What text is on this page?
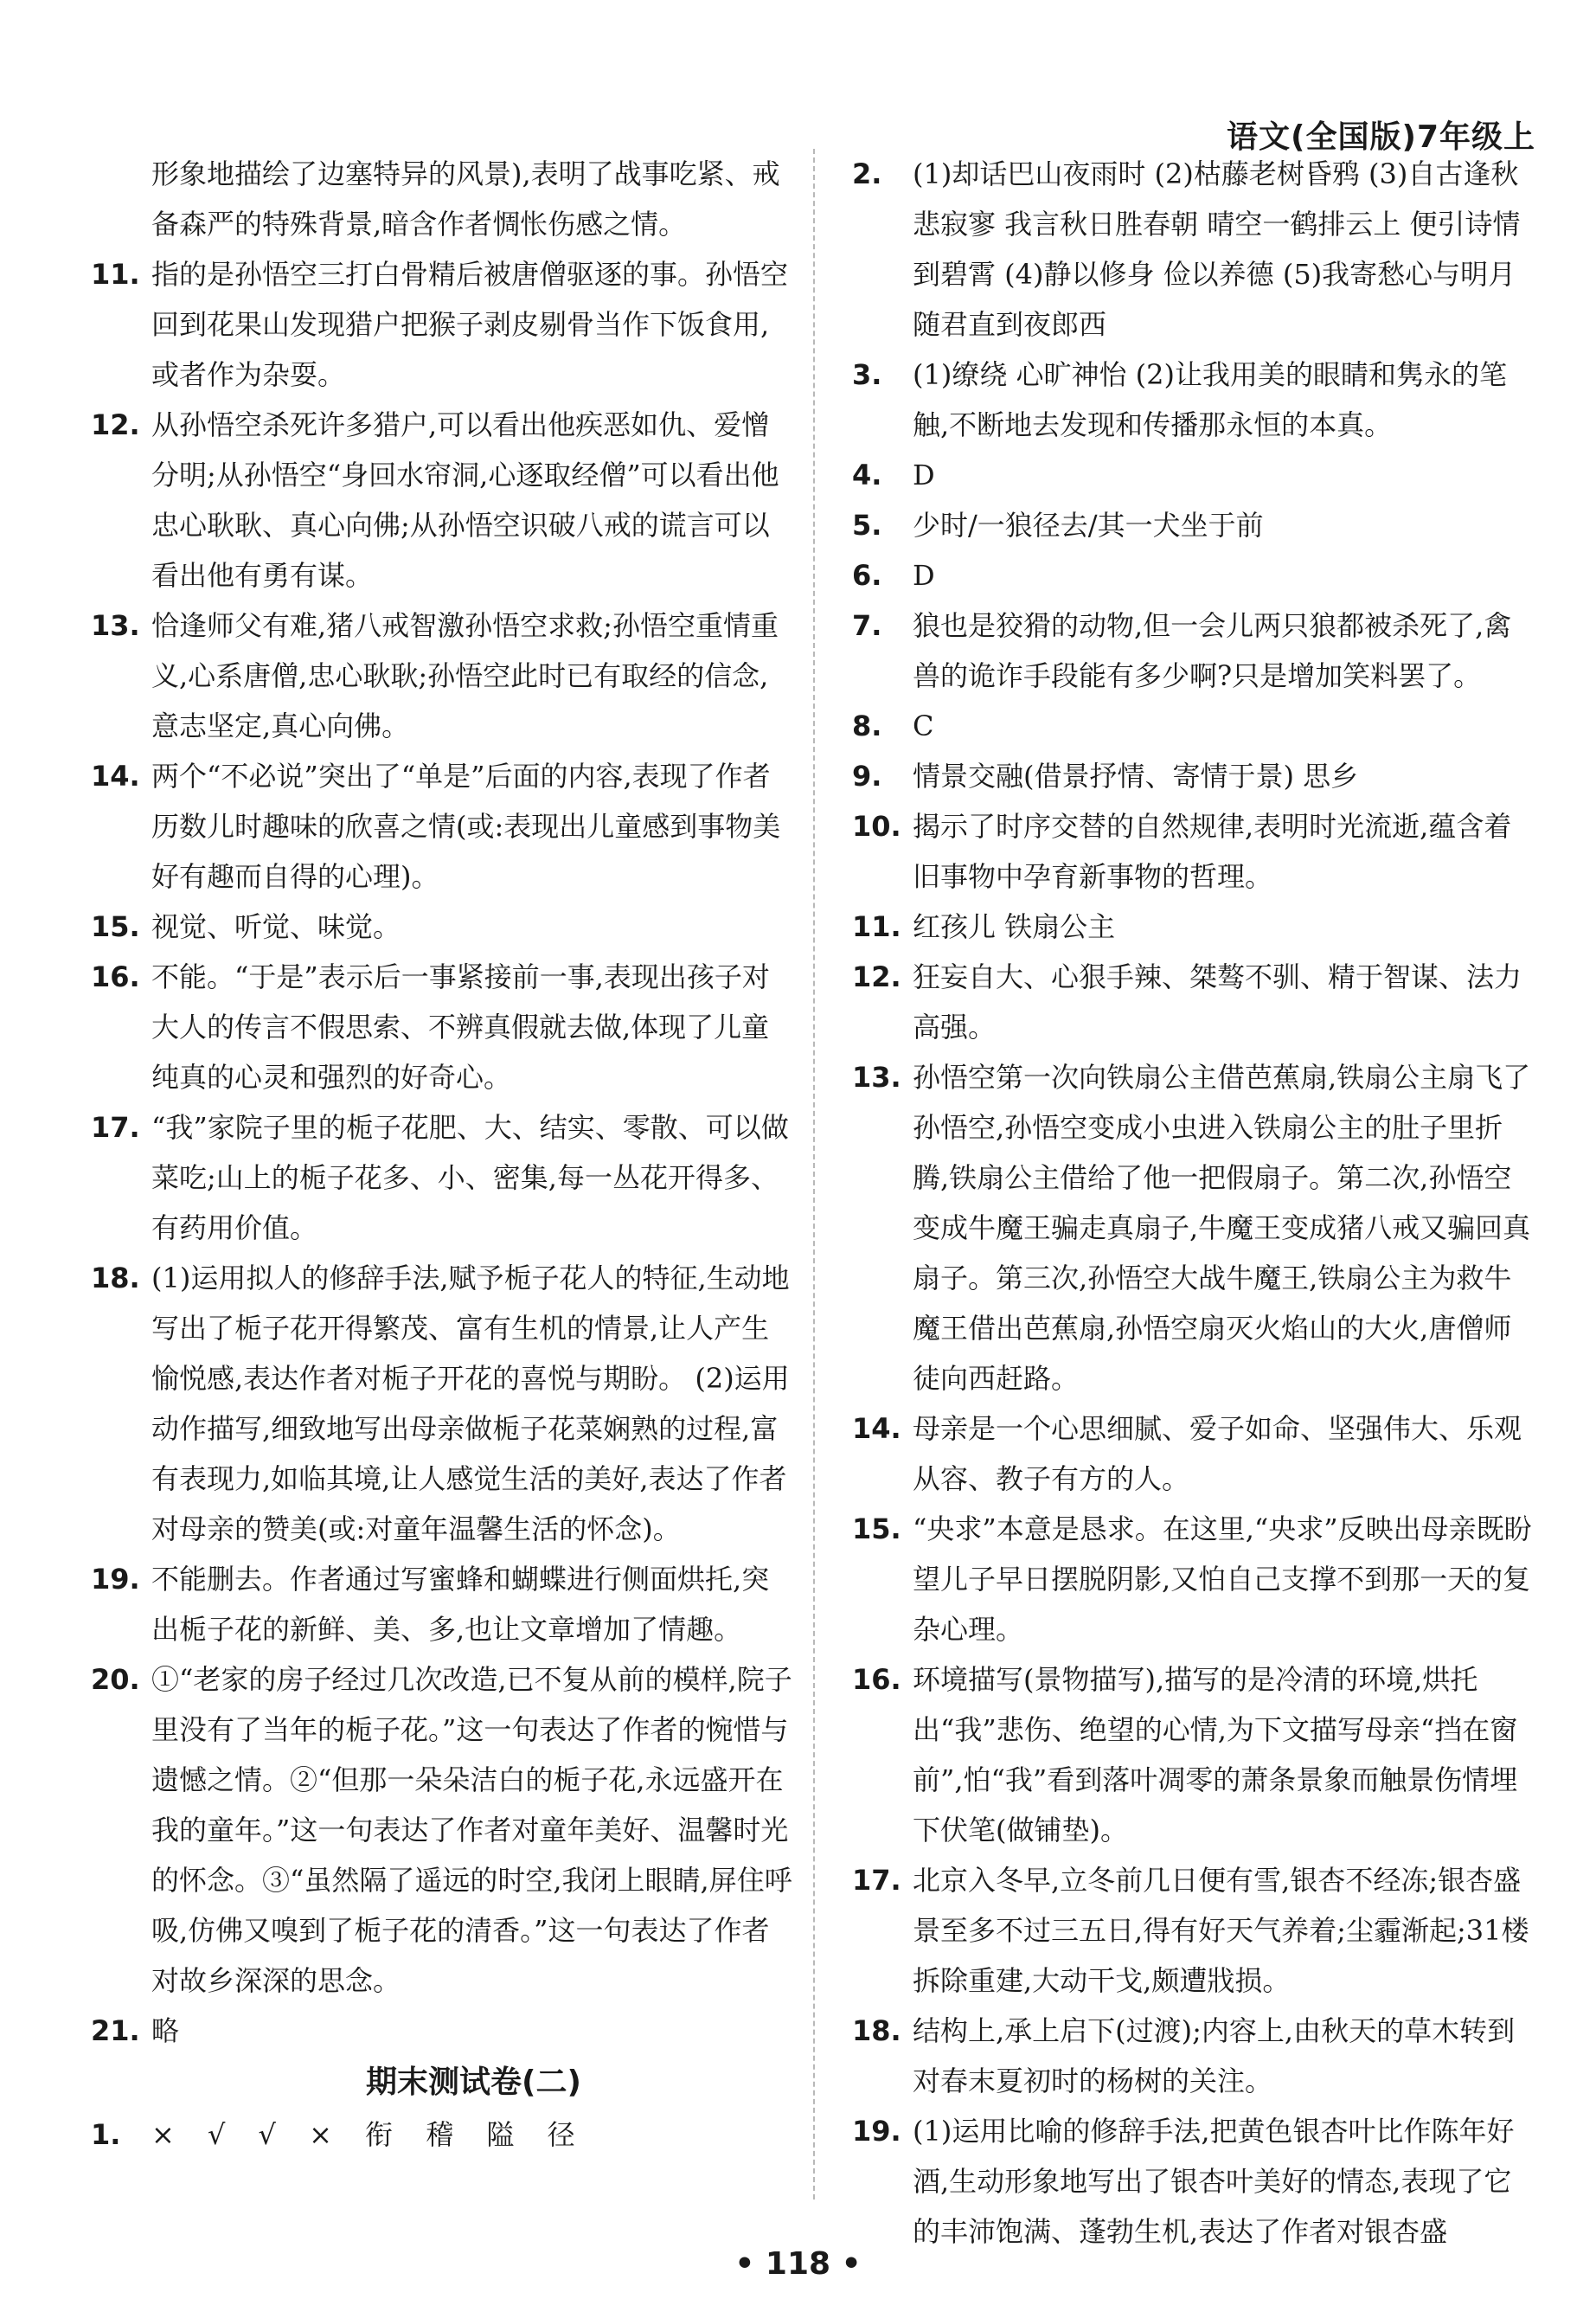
语文(全国版)7年级上

形象地描绘了边塞特异的风景),表明了战事吃紧、戒备森严的特殊背景,暗含作者惆怅伤感之情。

11. 指的是孙悟空三打白骨精后被唐僧驱逐的事。孙悟空回到花果山发现猎户把猴子剥皮剔骨当作下饭食用,或者作为杂耍。

12. 从孙悟空杀死许多猎户,可以看出他疾恶如仇、爱憎分明;从孙悟空“身回水帘洞,心逐取经僧”可以看出他忠心耿耿、真心向佛;从孙悟空识破八戒的谎言可以看出他有勇有谋。

13. 恰逢师父有难,猪八戒智激孙悟空求救;孙悟空重情重义,心系唐僧,忠心耿耿;孙悟空此时已有取经的信念,意志坚定,真心向佛。

14. 两个“不必说”突出了“单是”后面的内容,表现了作者历数儿时趣味的欣喜之情(或:表现出儿童感到事物美好有趣而自得的心理)。

15. 视觉、听觉、味觉。

16. 不能。“于是”表示后一事紧接前一事,表现出孩子对大人的传言不假思索、不辨真假就去做,体现了儿童纯真的心灵和强烈的好奇心。

17. “我”家院子里的栀子花肥、大、结实、零散、可以做菜吃;山上的栀子花多、小、密集,每一丛花开得多、有药用价值。

18. (1)运用拟人的修辞手法,赋予栀子花人的特征,生动地写出了栀子花开得繁茂、富有生机的情景,让人产生愉悦感,表达作者对栀子开花的喜悦与期盼。 (2)运用动作描写,细致地写出母亲做栀子花菜娴熟的过程,富有表现力,如临其境,让人感觉生活的美好,表达了作者对母亲的赞美(或:对童年温馨生活的怀念)。

19. 不能删去。作者通过写蜜蜂和蝴蝶进行侧面烘托,突出栀子花的新鲜、美、多,也让文章增加了情趣。

20. ①“老家的房子经过几次改造,已不复从前的模样,院子里没有了当年的栀子花。”这一句表达了作者的惋惜与遗憾之情。②“但那一朵朵洁白的栀子花,永远盛开在我的童年。”这一句表达了作者对童年美好、温馨时光的怀念。③“虽然隔了遥远的时空,我闭上眼睛,屏住呼吸,仿佛又嗅到了栀子花的清香。”这一句表达了作者对故乡深深的思念。

21. 略

期末测试卷(二)
1.	× √ √ × 衔 稽 隘 径

2.	(1)却话巴山夜雨时 (2)枯藤老树昏鸦 (3)自古逢秋悲寂寥 我言秋日胜春朝 晴空一鹤排云上 便引诗情到碧霄 (4)静以修身 俭以养德 (5)我寄愁心与明月 随君直到夜郎西

3.	(1)缭绕 心旷神怡 (2)让我用美的眼睛和隽永的笔触,不断地去发现和传播那永恒的本真。

4.	D

5.	少时/一狼径去/其一犬坐于前

6.	D

7.	狼也是狡猾的动物,但一会儿两只狼都被杀死了,禽兽的诡诈手段能有多少啊?只是增加笑料罢了。

8.	C

9.	情景交融(借景抒情、寄情于景) 思乡

10. 揭示了时序交替的自然规律,表明时光流逝,蕴含着旧事物中孕育新事物的哲理。

11. 红孩儿 铁扇公主

12. 狂妄自大、心狠手辣、桀骜不驯、精于智谋、法力高强。

13. 孙悟空第一次向铁扇公主借芭蕉扇,铁扇公主扇飞了孙悟空,孙悟空变成小虫进入铁扇公主的肚子里折腾,铁扇公主借给了他一把假扇子。第二次,孙悟空变成牛魔王骗走真扇子,牛魔王变成猪八戒又骗回真扇子。第三次,孙悟空大战牛魔王,铁扇公主为救牛魔王借出芭蕉扇,孙悟空扇灭火焰山的大火,唐僧师徒向西赶路。

14. 母亲是一个心思细腻、爱子如命、坚强伟大、乐观从容、教子有方的人。

15. “央求”本意是恳求。在这里,“央求”反映出母亲既盼望儿子早日摆脱阴影,又怕自己支撑不到那一天的复杂心理。

16. 环境描写(景物描写),描写的是冷清的环境,烘托出“我”悲伤、绝望的心情,为下文描写母亲“挡在窗前”,怕“我”看到落叶凋零的萧条景象而触景伤情埋下伏笔(做铺垫)。

17. 北京入冬早,立冬前几日便有雪,银杏不经冻;银杏盛景至多不过三五日,得有好天气养着;尘霾渐起;31楼拆除重建,大动干戈,颇遭戕损。

18. 结构上,承上启下(过渡);内容上,由秋天的草木转到对春末夏初时的杨树的关注。

19. (1)运用比喻的修辞手法,把黄色银杏叶比作陈年好酒,生动形象地写出了银杏叶美好的情态,表现了它的丰沛饱满、蓬勃生机,表达了作者对银杏盛

• 118 •
